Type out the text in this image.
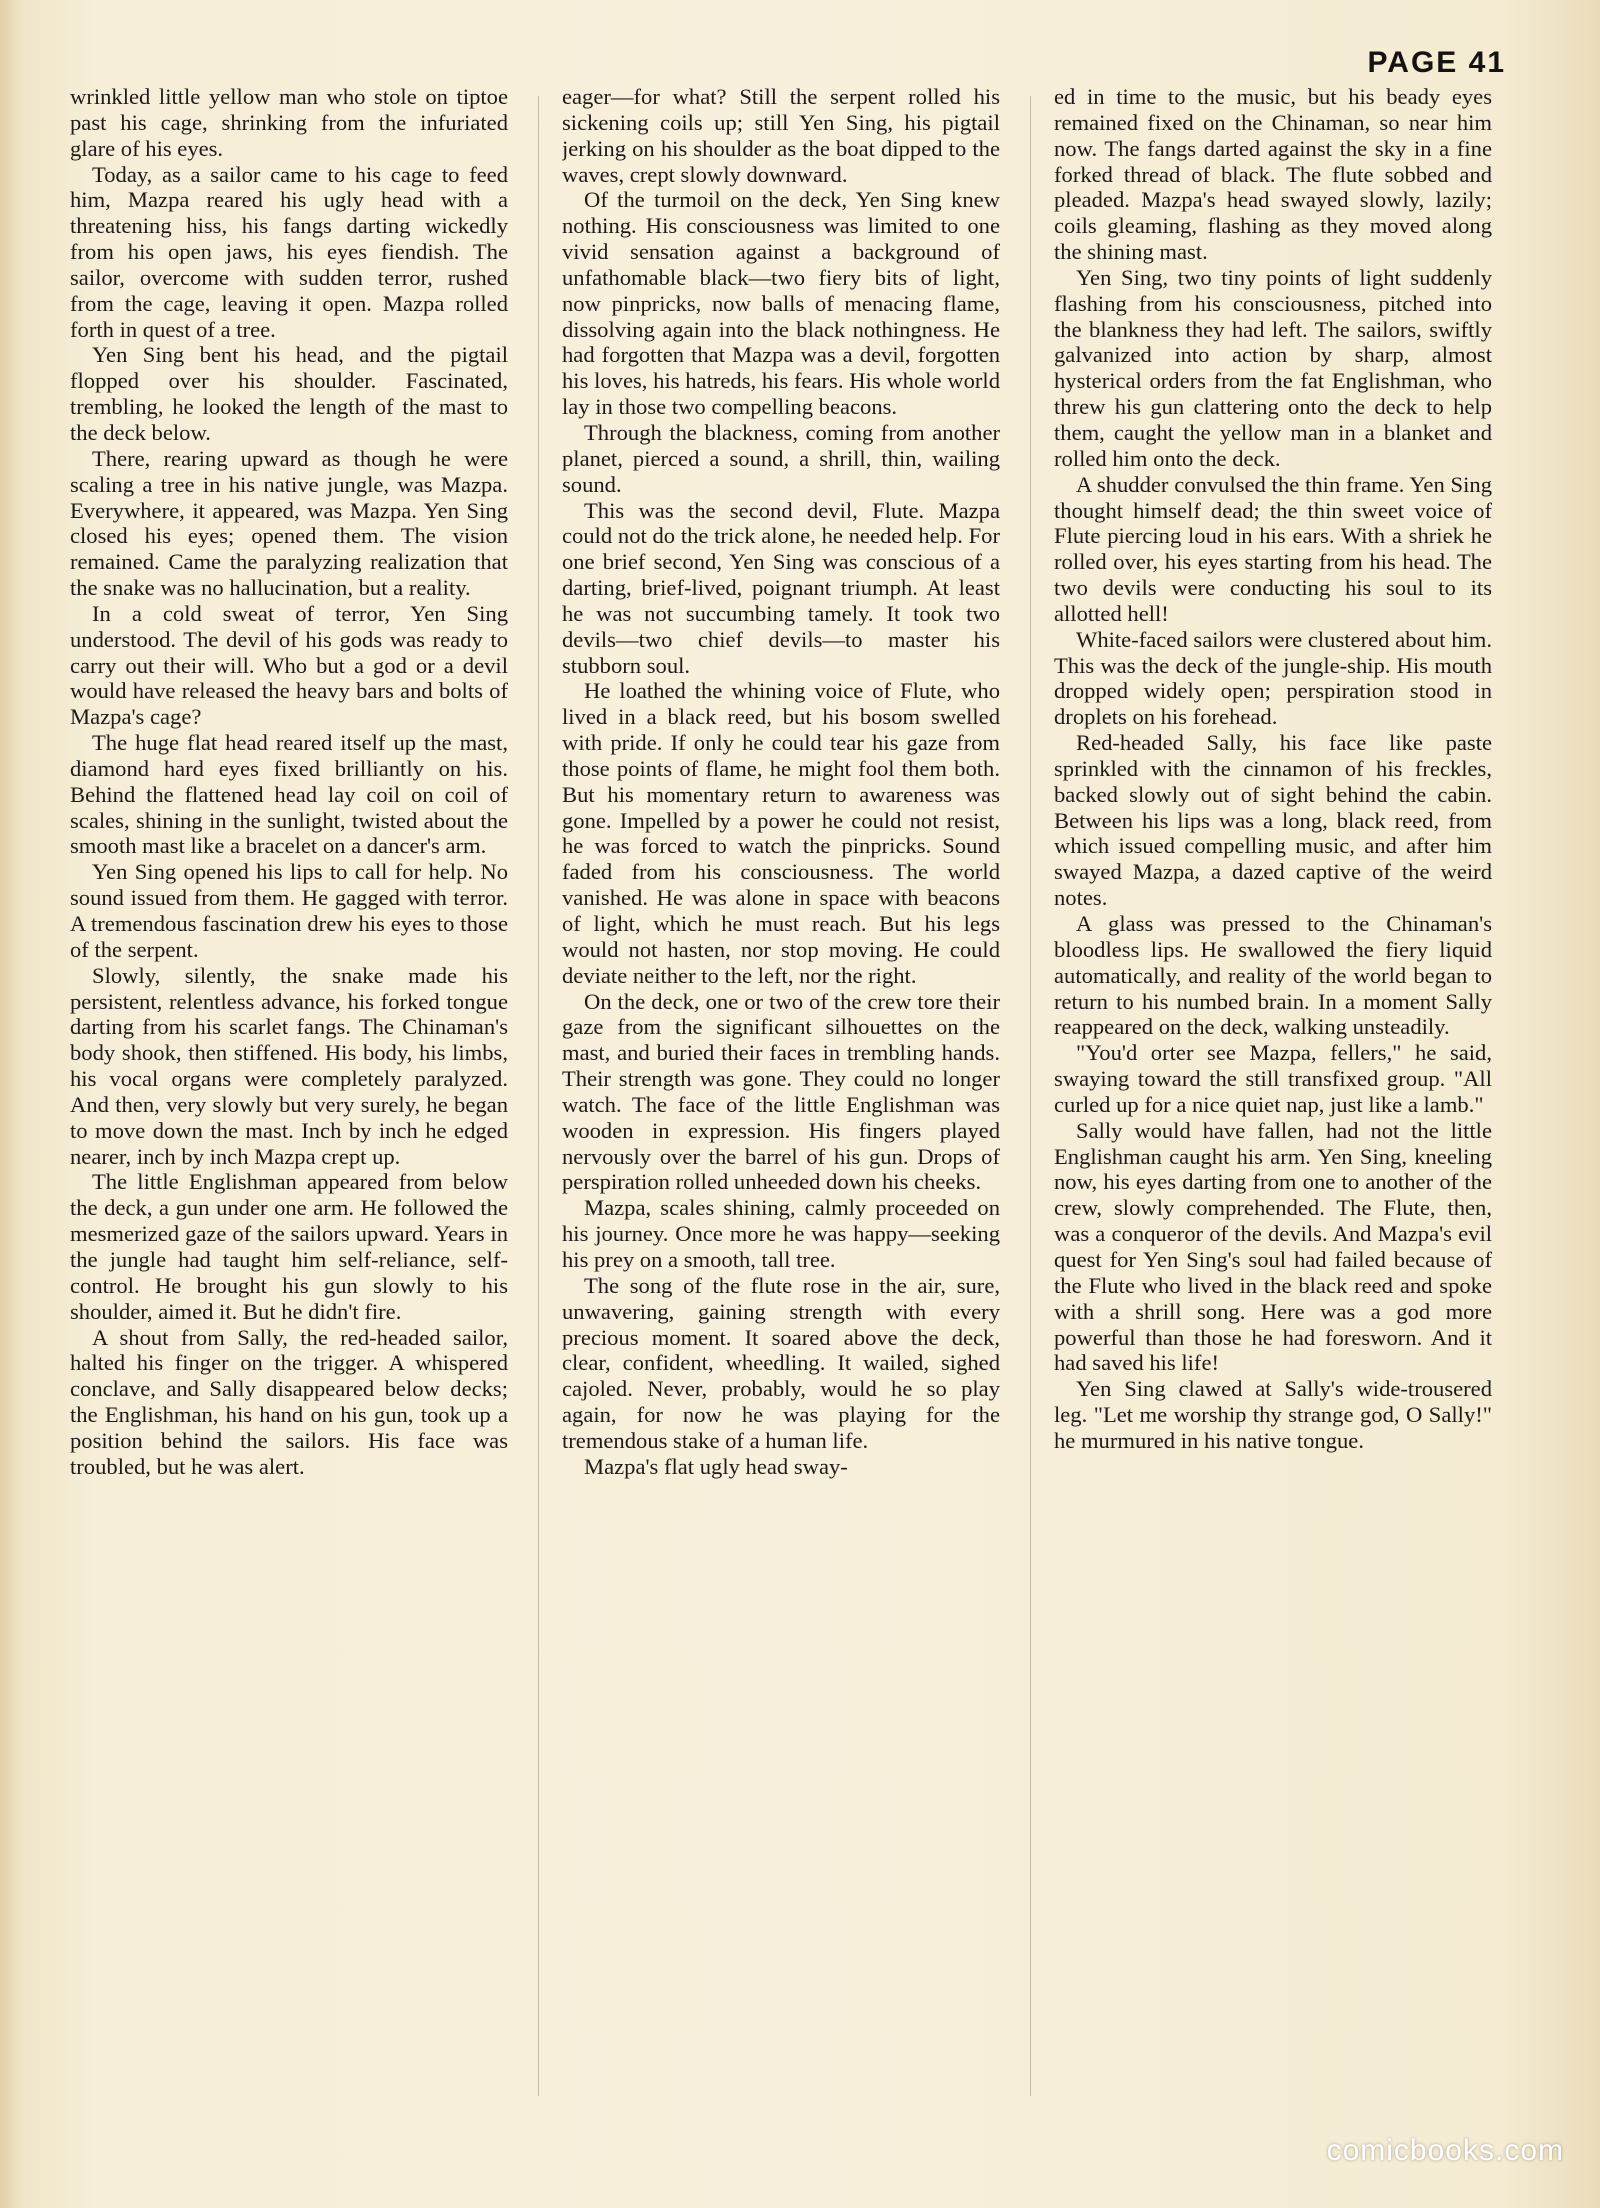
PAGE 41

wrinkled little yellow man who stole on tiptoe past his cage, shrinking from the infuriated glare of his eyes.

Today, as a sailor came to his cage to feed him, Mazpa reared his ugly head with a threatening hiss, his fangs darting wickedly from his open jaws, his eyes fiendish. The sailor, overcome with sudden terror, rushed from the cage, leaving it open. Mazpa rolled forth in quest of a tree.

Yen Sing bent his head, and the pigtail flopped over his shoulder. Fascinated, trembling, he looked the length of the mast to the deck below.

There, rearing upward as though he were scaling a tree in his native jungle, was Mazpa. Everywhere, it appeared, was Mazpa. Yen Sing closed his eyes; opened them. The vision remained. Came the paralyzing realization that the snake was no hallucination, but a reality.

In a cold sweat of terror, Yen Sing understood. The devil of his gods was ready to carry out their will. Who but a god or a devil would have released the heavy bars and bolts of Mazpa's cage?

The huge flat head reared itself up the mast, diamond hard eyes fixed brilliantly on his. Behind the flattened head lay coil on coil of scales, shining in the sunlight, twisted about the smooth mast like a bracelet on a dancer's arm.

Yen Sing opened his lips to call for help. No sound issued from them. He gagged with terror. A tremendous fascination drew his eyes to those of the serpent.

Slowly, silently, the snake made his persistent, relentless advance, his forked tongue darting from his scarlet fangs. The Chinaman's body shook, then stiffened. His body, his limbs, his vocal organs were completely paralyzed. And then, very slowly but very surely, he began to move down the mast. Inch by inch he edged nearer, inch by inch Mazpa crept up.

The little Englishman appeared from below the deck, a gun under one arm. He followed the mesmerized gaze of the sailors upward. Years in the jungle had taught him self-reliance, self-control. He brought his gun slowly to his shoulder, aimed it. But he didn't fire.

A shout from Sally, the red-headed sailor, halted his finger on the trigger. A whispered conclave, and Sally disappeared below decks; the Englishman, his hand on his gun, took up a position behind the sailors. His face was troubled, but he was alert.

eager—for what? Still the serpent rolled his sickening coils up; still Yen Sing, his pigtail jerking on his shoulder as the boat dipped to the waves, crept slowly downward.

Of the turmoil on the deck, Yen Sing knew nothing. His consciousness was limited to one vivid sensation against a background of unfathomable black—two fiery bits of light, now pinpricks, now balls of menacing flame, dissolving again into the black nothingness. He had forgotten that Mazpa was a devil, forgotten his loves, his hatreds, his fears. His whole world lay in those two compelling beacons.

Through the blackness, coming from another planet, pierced a sound, a shrill, thin, wailing sound.

This was the second devil, Flute. Mazpa could not do the trick alone, he needed help. For one brief second, Yen Sing was conscious of a darting, brief-lived, poignant triumph. At least he was not succumbing tamely. It took two devils—two chief devils—to master his stubborn soul.

He loathed the whining voice of Flute, who lived in a black reed, but his bosom swelled with pride. If only he could tear his gaze from those points of flame, he might fool them both. But his momentary return to awareness was gone. Impelled by a power he could not resist, he was forced to watch the pinpricks. Sound faded from his consciousness. The world vanished. He was alone in space with beacons of light, which he must reach. But his legs would not hasten, nor stop moving. He could deviate neither to the left, nor the right.

On the deck, one or two of the crew tore their gaze from the significant silhouettes on the mast, and buried their faces in trembling hands. Their strength was gone. They could no longer watch. The face of the little Englishman was wooden in expression. His fingers played nervously over the barrel of his gun. Drops of perspiration rolled unheeded down his cheeks.

Mazpa, scales shining, calmly proceeded on his journey. Once more he was happy—seeking his prey on a smooth, tall tree.

The song of the flute rose in the air, sure, unwavering, gaining strength with every precious moment. It soared above the deck, clear, confident, wheedling. It wailed, sighed cajoled. Never, probably, would he so play again, for now he was playing for the tremendous stake of a human life.

Mazpa's flat ugly head sway-

ed in time to the music, but his beady eyes remained fixed on the Chinaman, so near him now. The fangs darted against the sky in a fine forked thread of black. The flute sobbed and pleaded. Mazpa's head swayed slowly, lazily; coils gleaming, flashing as they moved along the shining mast.

Yen Sing, two tiny points of light suddenly flashing from his consciousness, pitched into the blankness they had left. The sailors, swiftly galvanized into action by sharp, almost hysterical orders from the fat Englishman, who threw his gun clattering onto the deck to help them, caught the yellow man in a blanket and rolled him onto the deck.

A shudder convulsed the thin frame. Yen Sing thought himself dead; the thin sweet voice of Flute piercing loud in his ears. With a shriek he rolled over, his eyes starting from his head. The two devils were conducting his soul to its allotted hell!

White-faced sailors were clustered about him. This was the deck of the jungle-ship. His mouth dropped widely open; perspiration stood in droplets on his forehead.

Red-headed Sally, his face like paste sprinkled with the cinnamon of his freckles, backed slowly out of sight behind the cabin. Between his lips was a long, black reed, from which issued compelling music, and after him swayed Mazpa, a dazed captive of the weird notes.

A glass was pressed to the Chinaman's bloodless lips. He swallowed the fiery liquid automatically, and reality of the world began to return to his numbed brain. In a moment Sally reappeared on the deck, walking unsteadily.

"You'd orter see Mazpa, fellers," he said, swaying toward the still transfixed group. "All curled up for a nice quiet nap, just like a lamb."

Sally would have fallen, had not the little Englishman caught his arm. Yen Sing, kneeling now, his eyes darting from one to another of the crew, slowly comprehended. The Flute, then, was a conqueror of the devils. And Mazpa's evil quest for Yen Sing's soul had failed because of the Flute who lived in the black reed and spoke with a shrill song. Here was a god more powerful than those he had foresworn. And it had saved his life!

Yen Sing clawed at Sally's wide-trousered leg. "Let me worship thy strange god, O Sally!" he murmured in his native tongue.

comicbooks.com
